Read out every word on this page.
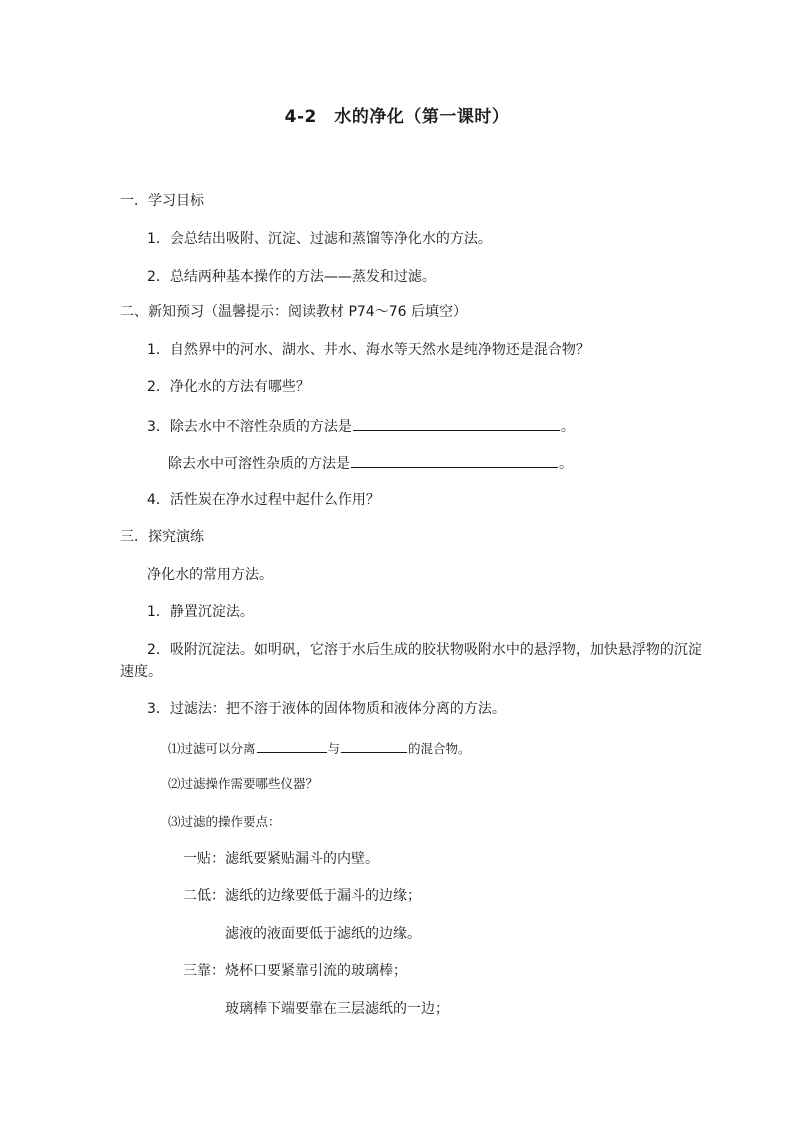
4-2　水的净化（第一课时）
一．学习目标
1．会总结出吸附、沉淀、过滤和蒸馏等净化水的方法。
2．总结两种基本操作的方法——蒸发和过滤。
二、新知预习（温馨提示：阅读教材 P74～76 后填空）
1．自然界中的河水、湖水、井水、海水等天然水是纯净物还是混合物？
2．净化水的方法有哪些？
3．除去水中不溶性杂质的方法是	。
除去水中可溶性杂质的方法是	。
4．活性炭在净水过程中起什么作用？
三．探究演练
净化水的常用方法。
1．静置沉淀法。
2．吸附沉淀法。如明矾，它溶于水后生成的胶状物吸附水中的悬浮物，加快悬浮物的沉淀
速度。
3．过滤法：把不溶于液体的固体物质和液体分离的方法。
⑴过滤可以分离	与	的混合物。
⑵过滤操作需要哪些仪器？
⑶过滤的操作要点：
一贴：滤纸要紧贴漏斗的内壁。
二低：滤纸的边缘要低于漏斗的边缘；
滤液的液面要低于滤纸的边缘。
三靠：烧杯口要紧靠引流的玻璃棒；
玻璃棒下端要靠在三层滤纸的一边；
